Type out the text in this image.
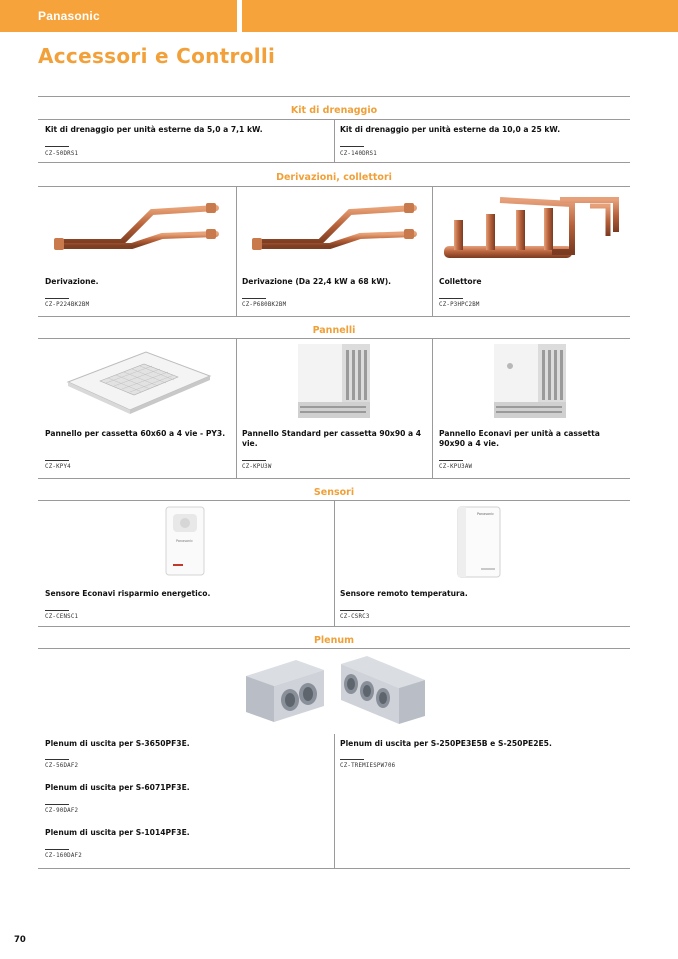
Panasonic
Accessori e Controlli
Kit di drenaggio
Kit di drenaggio per unità esterne da 5,0 a 7,1 kW.
CZ-50DRS1
Kit di drenaggio per unità esterne da 10,0 a 25 kW.
CZ-140DRS1
Derivazioni, collettori
Derivazione.
CZ-P224BK2BM
Derivazione (Da 22,4 kW a 68 kW).
CZ-P680BK2BM
Collettore
CZ-P3HPC2BM
Pannelli
Pannello per cassetta 60x60 a 4 vie - PY3.
CZ-KPY4
Pannello Standard per cassetta 90x90 a 4 vie.
CZ-KPU3W
Pannello Econavi per unità a cassetta 90x90 a 4 vie.
CZ-KPU3AW
Sensori
Panasonic
Panasonic
Sensore Econavi risparmio energetico.
CZ-CENSC1
Sensore remoto temperatura.
CZ-CSRC3
Plenum
Plenum di uscita per S-3650PF3E.
CZ-56DAF2
Plenum di uscita per S-6071PF3E.
CZ-90DAF2
Plenum di uscita per S-1014PF3E.
CZ-160DAF2
Plenum di uscita per S-250PE3E5B e S-250PE2E5.
CZ-TREMIESPW706
70
